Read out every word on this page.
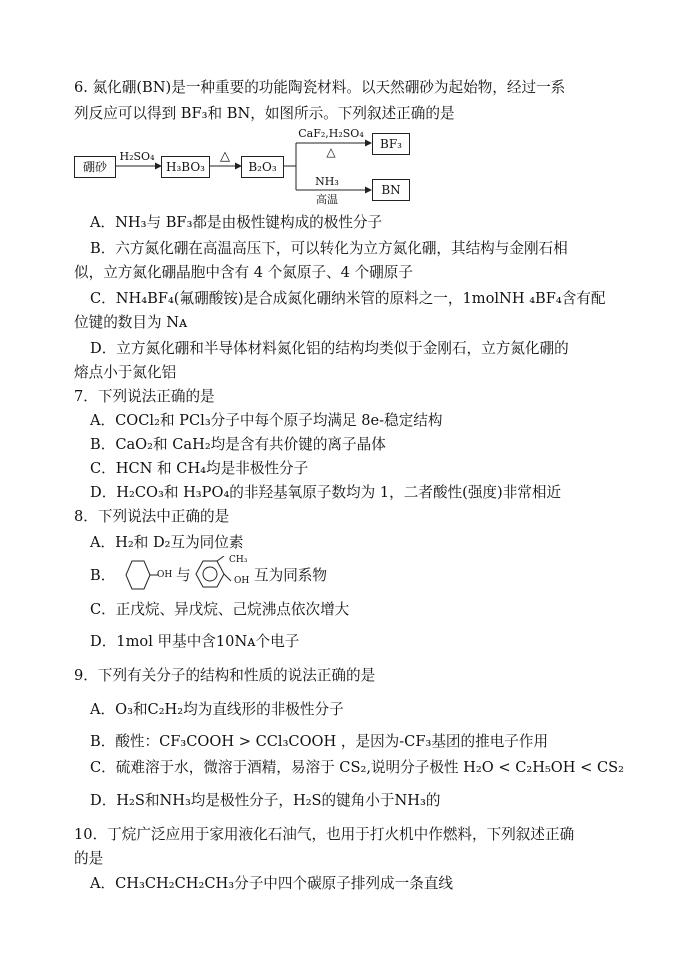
6. 氮化硼(BN)是一种重要的功能陶瓷材料。以天然硼砂为起始物，经过一系
列反应可以得到 BF₃和 BN，如图所示。下列叙述正确的是
硼砂
H₂SO₄
H₃BO₃
△
B₂O₃
CaF₂,H₂SO₄
△
BF₃
NH₃
高温
BN
A．NH₃与 BF₃都是由极性键构成的极性分子
B．六方氮化硼在高温高压下，可以转化为立方氮化硼，其结构与金刚石相
似，立方氮化硼晶胞中含有 4 个氮原子、4 个硼原子
C．NH₄BF₄(氟硼酸铵)是合成氮化硼纳米管的原料之一，1molNH ₄BF₄含有配
位键的数目为 Nᴀ
D．立方氮化硼和半导体材料氮化铝的结构均类似于金刚石，立方氮化硼的
熔点小于氮化铝
7．下列说法正确的是
A．COCl₂和 PCl₃分子中每个原子均满足 8e-稳定结构
B．CaO₂和 CaH₂均是含有共价键的离子晶体
C．HCN 和 CH₄均是非极性分子
D．H₂CO₃和 H₃PO₄的非羟基氧原子数均为 1，二者酸性(强度)非常相近
8．下列说法中正确的是
A．H₂和 D₂互为同位素
B．	OH 与
CH₃
OH 互为同系物
C．正戊烷、异戊烷、己烷沸点依次增大
D．1mol 甲基中含10Nᴀ个电子
9．下列有关分子的结构和性质的说法正确的是
A．O₃和C₂H₂均为直线形的非极性分子
B．酸性：CF₃COOH > CCl₃COOH ，是因为-CF₃基团的推电子作用
C．硫难溶于水，微溶于酒精，易溶于 CS₂,说明分子极性 H₂O < C₂H₅OH < CS₂
D．H₂S和NH₃均是极性分子，H₂S的键角小于NH₃的
10．丁烷广泛应用于家用液化石油气，也用于打火机中作燃料，下列叙述正确
的是
A．CH₃CH₂CH₂CH₃分子中四个碳原子排列成一条直线
